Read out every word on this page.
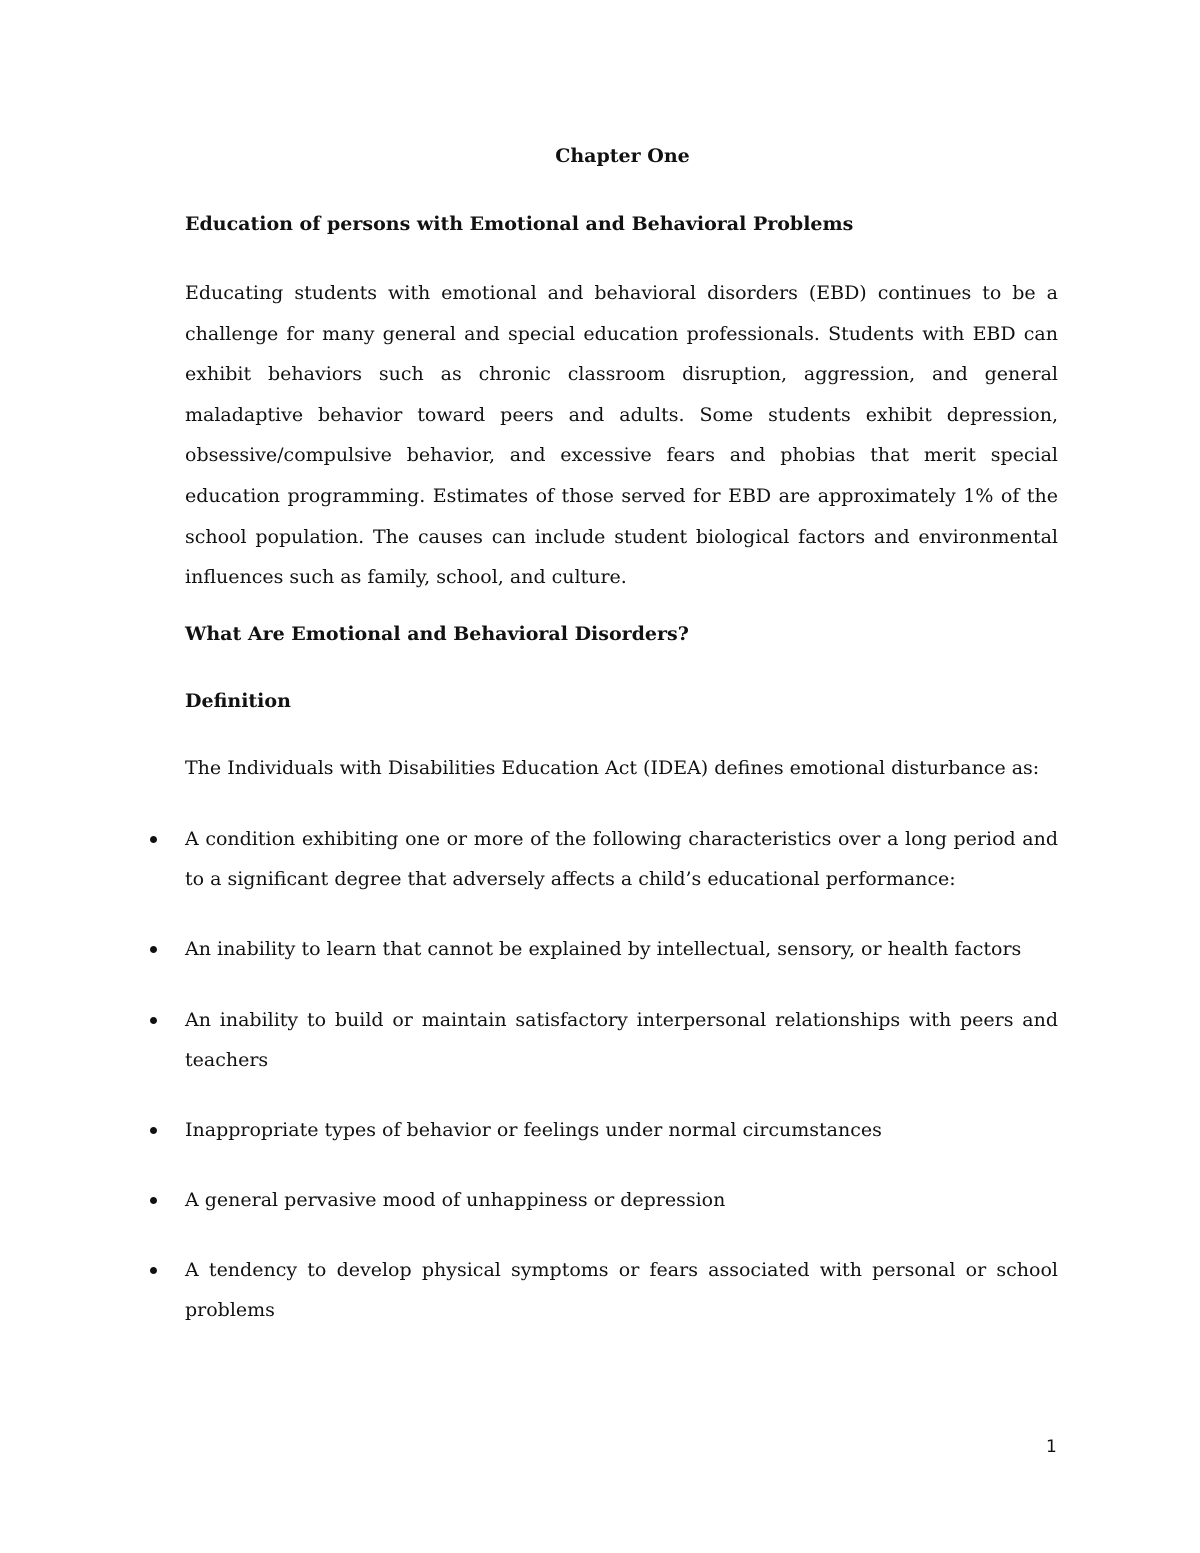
Chapter One
Education of persons with Emotional and Behavioral Problems
Educating students with emotional and behavioral disorders (EBD) continues to be a challenge for many general and special education professionals. Students with EBD can exhibit behaviors such as chronic classroom disruption, aggression, and general maladaptive behavior toward peers and adults. Some students exhibit depression, obsessive/compulsive behavior, and excessive fears and phobias that merit special education programming. Estimates of those served for EBD are approximately 1% of the school population. The causes can include student biological factors and environmental influences such as family, school, and culture.
What Are Emotional and Behavioral Disorders?
Definition
The Individuals with Disabilities Education Act (IDEA) defines emotional disturbance as:
A condition exhibiting one or more of the following characteristics over a long period and to a significant degree that adversely affects a child’s educational performance:
An inability to learn that cannot be explained by intellectual, sensory, or health factors
An inability to build or maintain satisfactory interpersonal relationships with peers and teachers
Inappropriate types of behavior or feelings under normal circumstances
A general pervasive mood of unhappiness or depression
A tendency to develop physical symptoms or fears associated with personal or school problems
1
